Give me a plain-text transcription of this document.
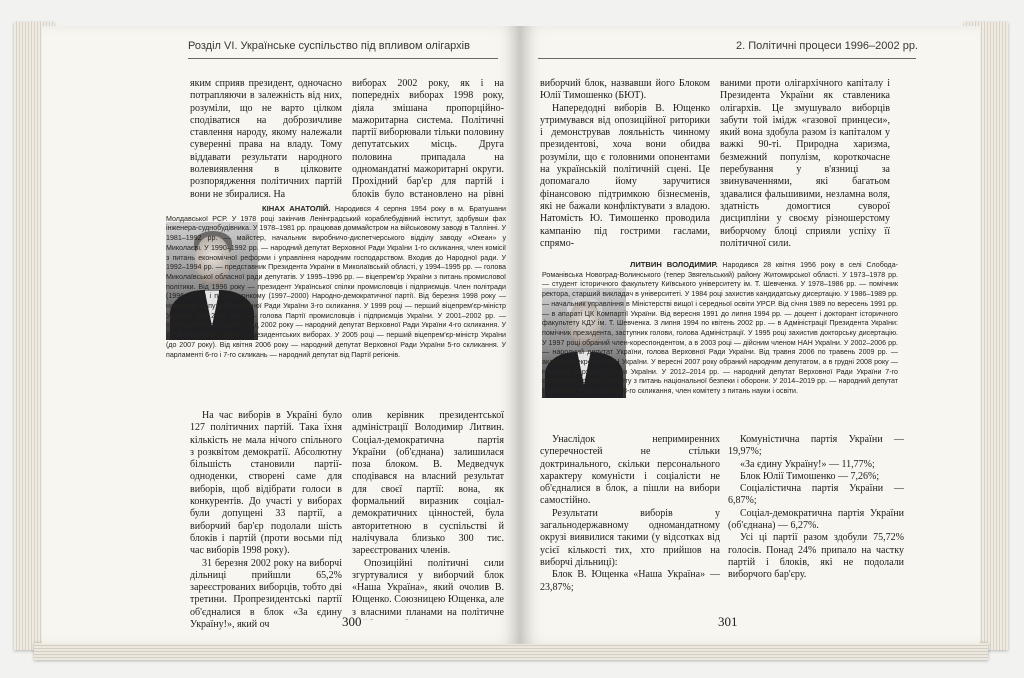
Розділ VI. Українське суспільство під впливом олігархів

яким сприяв президент, одночасно потрапляючи в залежність від них, розуміли, що не варто цілком сподіватися на доброзичливе ставлення народу, якому належали суверенні права на владу. Тому віддавати результати народного волевиявлення в цілковите розпорядження політичних партій вони не збиралися. На

виборах 2002 року, як і на попередніх виборах 1998 року, діяла змішана пропорційно-мажоритарна система. Політичні партії виборювали тільки половину депутатських місць. Друга половина припадала на одномандатні мажоритарні округи. Прохідний бар'єр для партій і блоків було встановлено на рівні

КІНАХ АНАТОЛІЙ. Народився 4 серпня 1954 року в м. Братушани Молдавської РСР. У 1978 році закінчив Ленінградський кораблебудівний інститут, здобувши фах інженера-суднобудівника. У 1978–1981 рр. працював доммайстром на військовому заводі в Таллінні. У 1981–1992 рр. — майстер, начальник виробничо-диспетчерського відділу заводу «Океан» у Миколаєві. У 1990–1992 рр. — народний депутат Верховної Ради України 1-го скликання, член комісії з питань економічної реформи і управління народним господарством. Входив до Народної ради. У 1992–1994 рр. — представник Президента України в Миколаївській області, у 1994–1995 рр. — голова Миколаївської обласної ради депутатів. У 1995–1996 рр. — віцепрем'єр України з питань промислової політики. Від 1996 року — президент Української спілки промисловців і підприємців. Член політради (1996–2000) і політвиконкому (1997–2000) Народно-демократичної партії. Від березня 1998 року — народний депутат Верховної Ради України 3-го скликання. У 1999 році — перший віцепрем'єр-міністр України. Від 2000 року — голова Партії промисловців і підприємців України. У 2001–2002 рр. — прем'єр-міністр України. Від 2002 року — народний депутат Верховної Ради України 4-го скликання. У 2004 році взяв участь у президентських виборах. У 2005 році — перший віцепрем'єр-міністр України (до 2007 року). Від квітня 2006 року — народний депутат Верховної Ради України 5-го скликання. У парламенті 6-го і 7-го скликань — народний депутат від Партії регіонів.

На час виборів в Україні було 127 політичних партій. Така їхня кількість не мала нічого спільного з розквітом демократії. Абсолютну більшість становили партії-одноденки, створені саме для виборів, щоб відібрати голоси в конкурентів. До участі у виборах були допущені 33 партії, а виборчий бар'єр подолали шість блоків і партій (проти восьми під час виборів 1998 року).

31 березня 2002 року на виборчі дільниці прийшли 65,2% зареєстрованих виборців, тобто дві третини. Пропрезидентські партії об'єдналися в блок «За єдину Україну!», який оч

олив керівник президентської адміністрації Володимир Литвин. Соціал-демократична партія України (об'єднана) залишилася поза блоком. В. Медведчук сподівався на власний результат для своєї партії: вона, як формальний виразник соціал-демократичних цінностей, була авторитетною в суспільстві й налічувала близько 300 тис. зареєстрованих членів.

Опозиційні політичні сили згуртувалися у виборчий блок «Наша Україна», який очолив В. Ющенко. Союзницею Ющенка, але з власними планами на політичне

300
2. Політичні процеси 1996–2002 рр.

виборчий блок, назвавши його Блоком Юлії Тимошенко (БЮТ).

Напередодні виборів В. Ющенко утримувався від опозиційної риторики і демонстрував лояльність чинному президентові, хоча вони обидва розуміли, що є головними опонентами на українській політичній сцені. Це допомагало йому заручитися фінансовою підтримкою бізнесменів, які не бажали конфліктувати з владою. Натомість Ю. Тимошенко проводила кампанію під гострими гаслами, спрямо-

ваними проти олігархічного капіталу і Президента України як ставленика олігархів. Це змушувало виборців забути той імідж «газової принцеси», який вона здобула разом із капіталом у важкі 90-ті. Природна харизма, безмежний популізм, короткочасне перебування у в'язниці за звинуваченнями, які багатьом здавалися фальшивими, незламна воля, здатність домогтися суворої дисципліни у своєму різношерстому виборчому блоці сприяли успіху її політичної сили.

ЛИТВИН ВОЛОДИМИР. Народився 28 квітня 1956 року в селі Слобода-Романівська Новоград-Волинського (тепер Звягельський) району Житомирської області. У 1973–1978 рр. — студент історичного факультету Київського університету ім. Т. Шевченка. У 1978–1986 рр. — помічник ректора, старший викладач в університеті. У 1984 році захистив кандидатську дисертацію. У 1986–1989 рр. — начальник управління в Міністерстві вищої і середньої освіти УРСР. Від січня 1989 по вересень 1991 рр. — в апараті ЦК Компартії України. Від вересня 1991 до липня 1994 рр. — доцент і докторант історичного факультету КДУ ім. Т. Шевченка. З липня 1994 по квітень 2002 рр. — в Адміністрації Президента України: помічник президента, заступник голови, голова Адміністрації. У 1995 році захистив докторську дисертацію. У 1997 році обраний член-кореспондентом, а в 2003 році — дійсним членом НАН України. У 2002–2006 рр. — народний депутат України, голова Верховної Ради України. Від травня 2006 по травень 2009 рр. — академік-секретар НАН України. У вересні 2007 року обраний народним депутатом, а в грудні 2008 року — головою Верховної Ради України. У 2012–2014 рр. — народний депутат Верховної Ради України 7-го скликання, голова комітету з питань національної безпеки і оборони. У 2014–2019 рр. — народний депутат Верховної Ради України 8-го скликання, член комітету з питань науки і освіти.

Унаслідок непримиренних суперечностей не стільки доктринального, скільки персонального характеру комуністи і соціалісти не об'єдналися в блок, а пішли на вибори самостійно.

Результати виборів у загальнодержавному одномандатному окрузі виявилися такими (у відсотках від усієї кількості тих, хто прийшов на виборчі дільниці):

Блок В. Ющенка «Наша Україна» — 23,87%;

Комуністична партія України — 19,97%;

«За єдину Україну!» — 11,77%;

Блок Юлії Тимошенко — 7,26%;

Соціалістична партія України — 6,87%;

Соціал-демократична партія України (об'єднана) — 6,27%.

Усі ці партії разом здобули 75,72% голосів. Понад 24% припало на частку партій і блоків, які не подолали виборчого бар'єру.

301
